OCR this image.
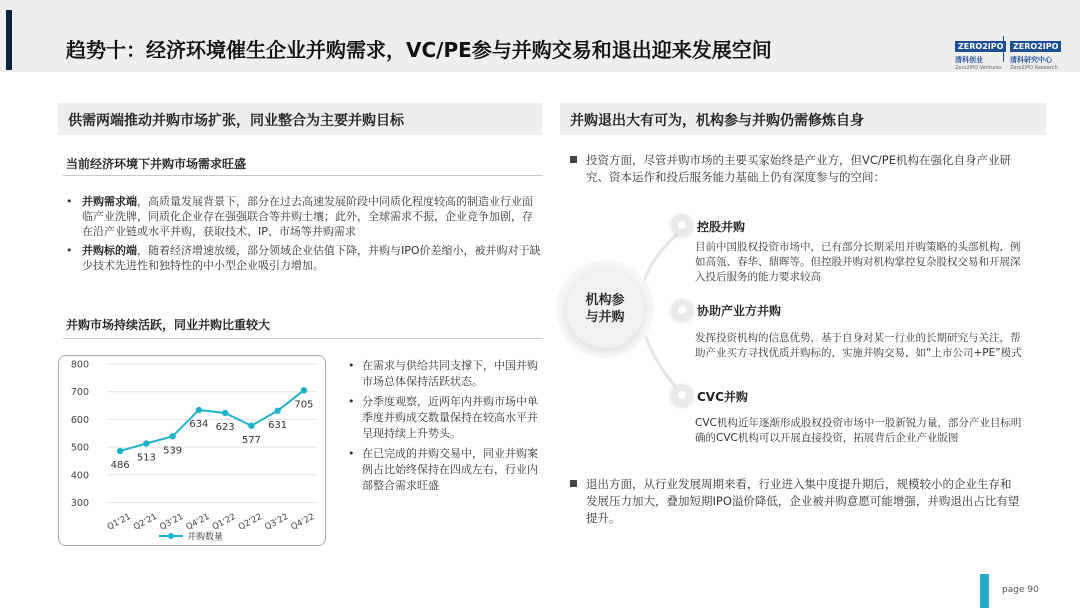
趋势十：经济环境催生企业并购需求，VC/PE参与并购交易和退出迎来发展空间	ZERO2IPO
清科创业
Zero2IPO Ventures
ZERO2IPO
清科研究中心
Zero2IPO Research
供需两端推动并购市场扩张，同业整合为主要并购目标
当前经济环境下并购市场需求旺盛
• 并购需求端，高质量发展背景下，部分在过去高速发展阶段中同质化程度较高的制造业行业面临产业洗牌，同质化企业存在强强联合等并购土壤；此外，全球需求不振，企业竞争加剧，存在沿产业链或水平并购，获取技术、IP、市场等并购需求
• 并购标的端，随着经济增速放缓，部分领域企业估值下降，并购与IPO价差缩小，被并购对于缺少技术先进性和独特性的中小型企业吸引力增加。
并购市场持续活跃，同业并购比重较大
300
400
500
600
700
800
Q1'21 Q2'21 Q3'21 Q4'21 Q1'22 Q2'22 Q3'22 Q4'22
486
513
539
634 623
577
631
705
并购数量
• 在需求与供给共同支撑下，中国并购市场总体保持活跃状态。
• 分季度观察，近两年内并购市场中单季度并购成交数量保持在较高水平并呈现持续上升势头。
• 在已完成的并购交易中，同业并购案例占比始终保持在四成左右，行业内部整合需求旺盛
并购退出大有可为，机构参与并购仍需修炼自身
投资方面，尽管并购市场的主要买家始终是产业方，但VC/PE机构在强化自身产业研究、资本运作和投后服务能力基础上仍有深度参与的空间：
机构参
与并购
控股并购
目前中国股权投资市场中，已有部分长期采用并购策略的头部机构，例如高瓴、春华、鼎晖等。但控股并购对机构掌控复杂股权交易和开展深入投后服务的能力要求较高
协助产业方并购
发挥投资机构的信息优势，基于自身对某一行业的长期研究与关注，帮助产业买方寻找优质并购标的，实施并购交易，如“上市公司+PE”模式
CVC并购
CVC机构近年逐渐形成股权投资市场中一股新锐力量，部分产业目标明确的CVC机构可以开展直接投资，拓展背后企业产业版图
退出方面，从行业发展周期来看，行业进入集中度提升期后，规模较小的企业生存和发展压力加大，叠加短期IPO溢价降低，企业被并购意愿可能增强，并购退出占比有望提升。
page 90
